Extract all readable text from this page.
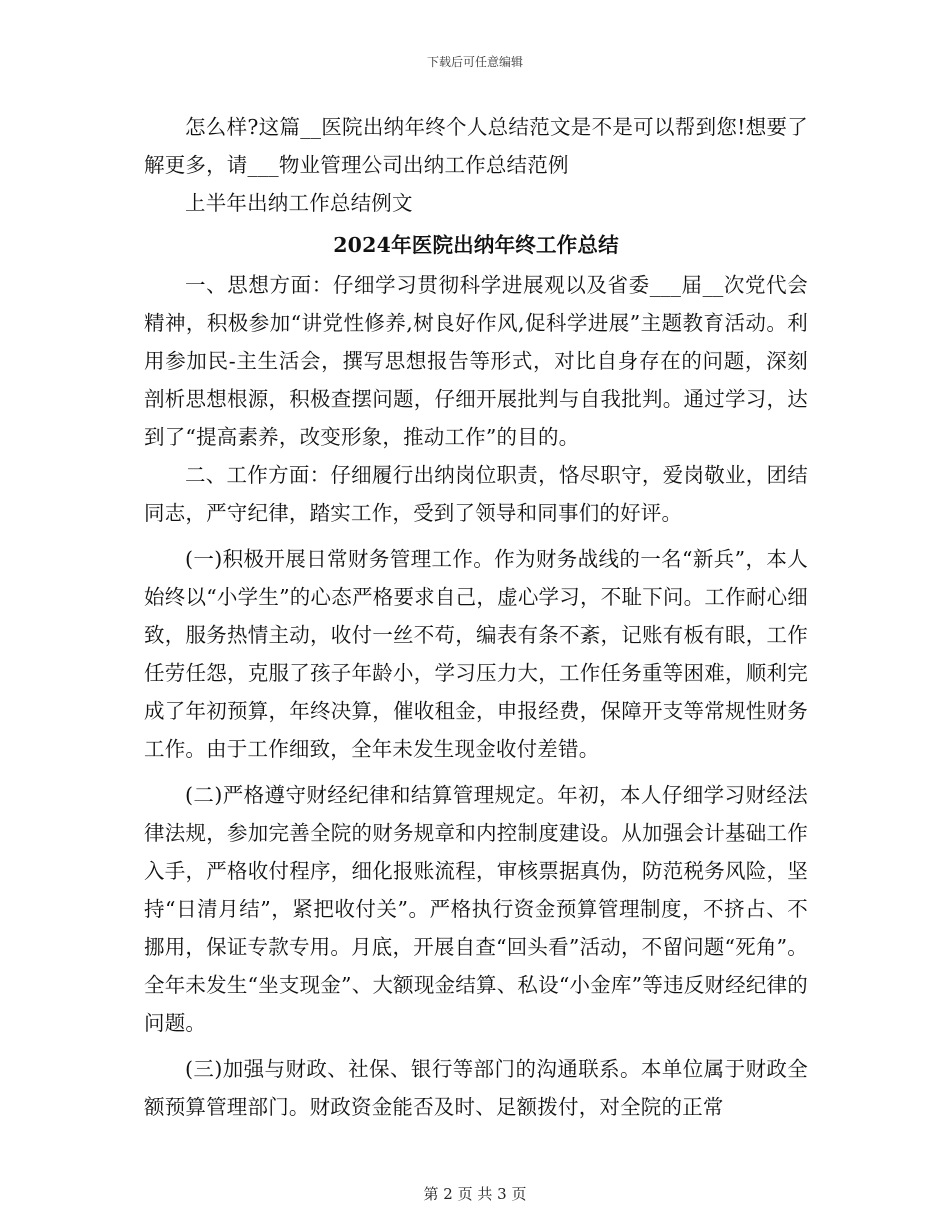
下载后可任意编辑

怎么样?这篇__医院出纳年终个人总结范文是不是可以帮到您!想要了解更多，请___物业管理公司出纳工作总结范例

上半年出纳工作总结例文

2024年医院出纳年终工作总结

一、思想方面：仔细学习贯彻科学进展观以及省委___届__次党代会精神，积极参加“讲党性修养,树良好作风,促科学进展”主题教育活动。利用参加民-主生活会，撰写思想报告等形式，对比自身存在的问题，深刻剖析思想根源，积极查摆问题，仔细开展批判与自我批判。通过学习，达到了“提高素养，改变形象，推动工作”的目的。

二、工作方面：仔细履行出纳岗位职责，恪尽职守，爱岗敬业，团结同志，严守纪律，踏实工作，受到了领导和同事们的好评。

(一)积极开展日常财务管理工作。作为财务战线的一名“新兵”，本人始终以“小学生”的心态严格要求自己，虚心学习，不耻下问。工作耐心细致，服务热情主动，收付一丝不苟，编表有条不紊，记账有板有眼，工作任劳任怨，克服了孩子年龄小，学习压力大，工作任务重等困难，顺利完成了年初预算，年终决算，催收租金，申报经费，保障开支等常规性财务工作。由于工作细致，全年未发生现金收付差错。

(二)严格遵守财经纪律和结算管理规定。年初，本人仔细学习财经法律法规，参加完善全院的财务规章和内控制度建设。从加强会计基础工作入手，严格收付程序，细化报账流程，审核票据真伪，防范税务风险，坚持“日清月结”，紧把收付关”。严格执行资金预算管理制度，不挤占、不挪用，保证专款专用。月底，开展自查“回头看”活动，不留问题“死角”。全年未发生“坐支现金”、大额现金结算、私设“小金库”等违反财经纪律的问题。

(三)加强与财政、社保、银行等部门的沟通联系。本单位属于财政全额预算管理部门。财政资金能否及时、足额拨付，对全院的正常

第 2 页 共 3 页
